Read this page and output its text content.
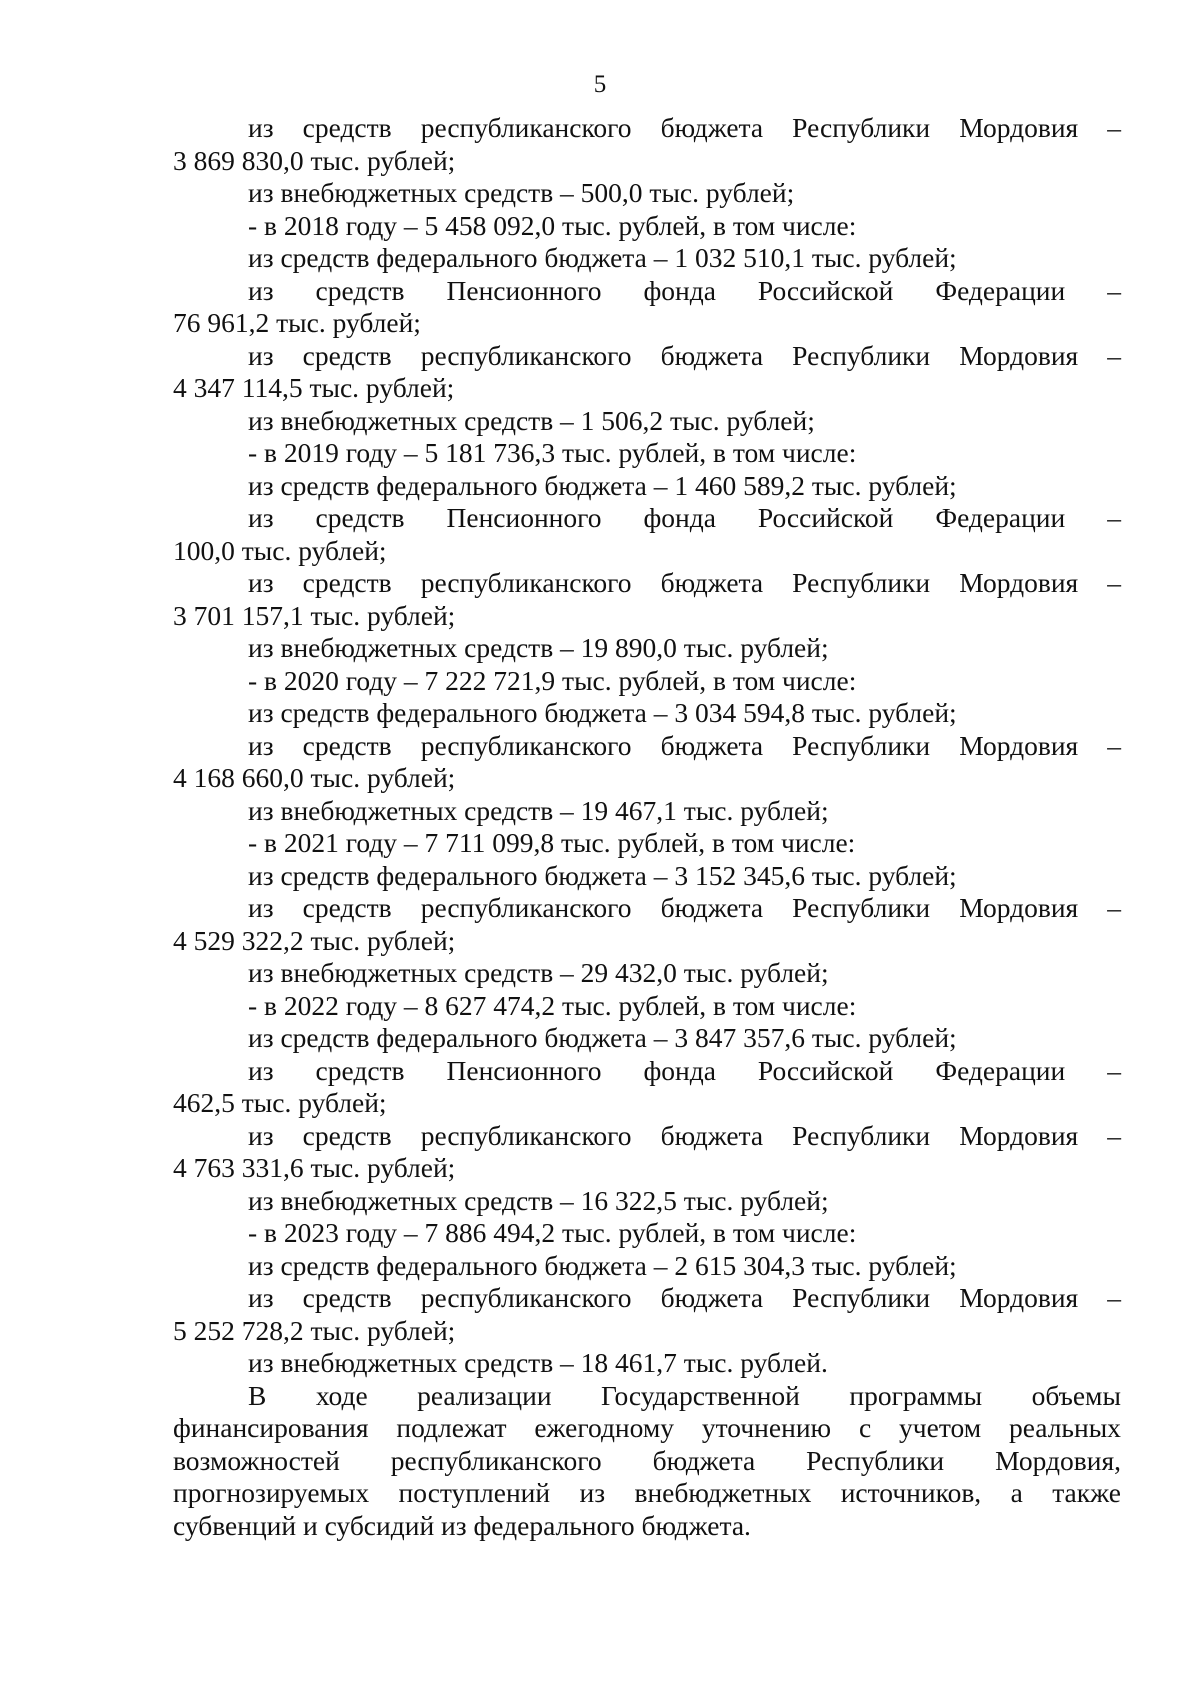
5
из средств республиканского бюджета Республики Мордовия –
3 869 830,0 тыс. рублей;
из внебюджетных средств – 500,0 тыс. рублей;
- в 2018 году – 5 458 092,0 тыс. рублей, в том числе:
из средств федерального бюджета – 1 032 510,1 тыс. рублей;
из средств Пенсионного фонда Российской Федерации –
76 961,2 тыс. рублей;
из средств республиканского бюджета Республики Мордовия –
4 347 114,5 тыс. рублей;
из внебюджетных средств – 1 506,2 тыс. рублей;
- в 2019 году – 5 181 736,3 тыс. рублей, в том числе:
из средств федерального бюджета – 1 460 589,2 тыс. рублей;
из средств Пенсионного фонда Российской Федерации –
100,0 тыс. рублей;
из средств республиканского бюджета Республики Мордовия –
3 701 157,1 тыс. рублей;
из внебюджетных средств – 19 890,0 тыс. рублей;
- в 2020 году – 7 222 721,9 тыс. рублей, в том числе:
из средств федерального бюджета – 3 034 594,8 тыс. рублей;
из средств республиканского бюджета Республики Мордовия –
4 168 660,0 тыс. рублей;
из внебюджетных средств – 19 467,1 тыс. рублей;
- в 2021 году – 7 711 099,8 тыс. рублей, в том числе:
из средств федерального бюджета – 3 152 345,6 тыс. рублей;
из средств республиканского бюджета Республики Мордовия –
4 529 322,2 тыс. рублей;
из внебюджетных средств – 29 432,0 тыс. рублей;
- в 2022 году – 8 627 474,2 тыс. рублей, в том числе:
из средств федерального бюджета – 3 847 357,6 тыс. рублей;
из средств Пенсионного фонда Российской Федерации –
462,5 тыс. рублей;
из средств республиканского бюджета Республики Мордовия –
4 763 331,6 тыс. рублей;
из внебюджетных средств – 16 322,5 тыс. рублей;
- в 2023 году – 7 886 494,2 тыс. рублей, в том числе:
из средств федерального бюджета – 2 615 304,3 тыс. рублей;
из средств республиканского бюджета Республики Мордовия –
5 252 728,2 тыс. рублей;
из внебюджетных средств – 18 461,7 тыс. рублей.
В ходе реализации Государственной программы объемы
финансирования подлежат ежегодному уточнению с учетом реальных
возможностей республиканского бюджета Республики Мордовия,
прогнозируемых поступлений из внебюджетных источников, а также
субвенций и субсидий из федерального бюджета.
